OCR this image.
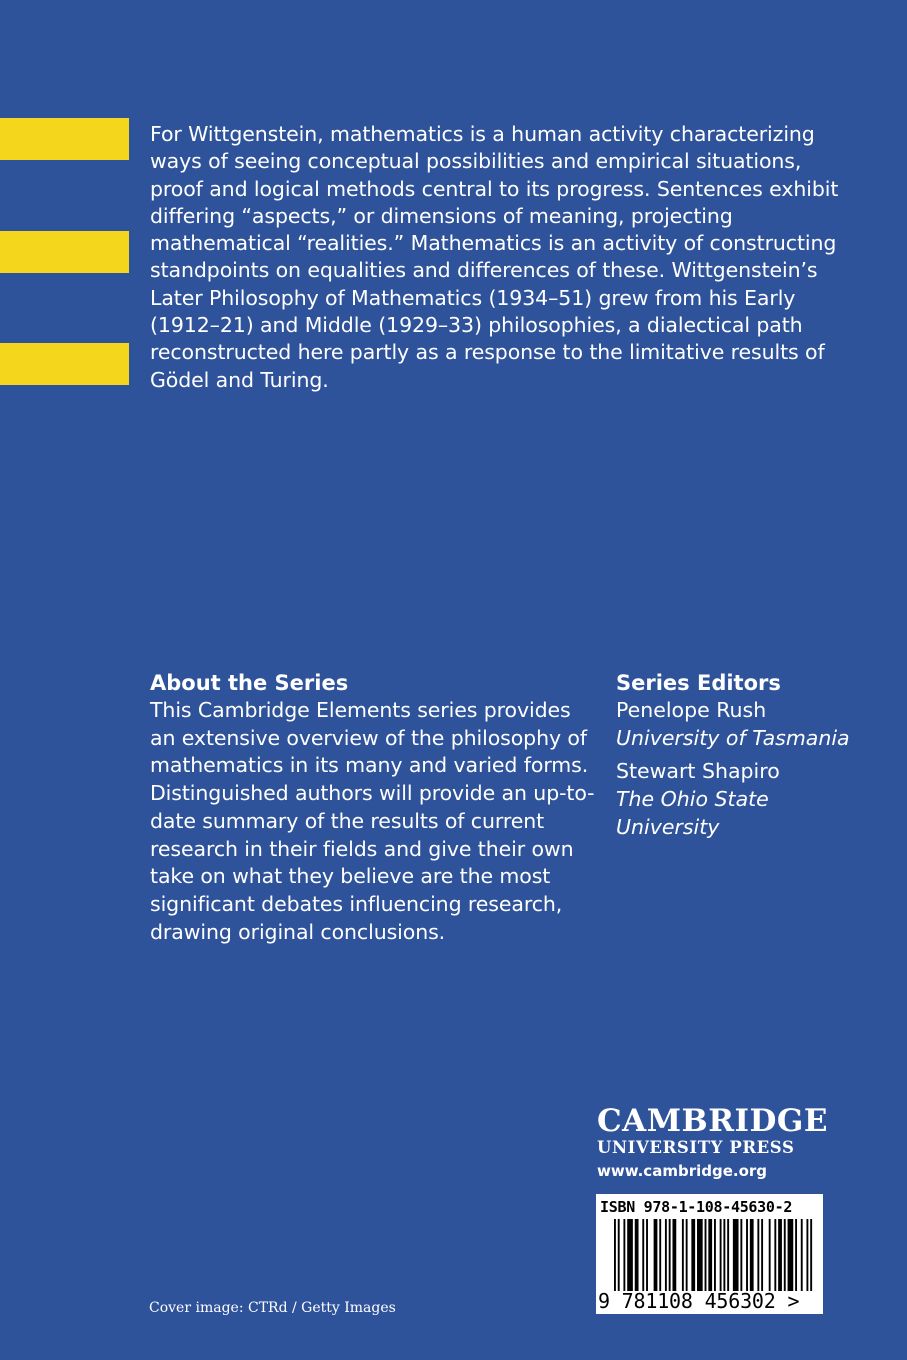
For Wittgenstein, mathematics is a human activity characterizing ways of seeing conceptual possibilities and empirical situations, proof and logical methods central to its progress. Sentences exhibit differing “aspects,” or dimensions of meaning, projecting mathematical “realities.” Mathematics is an activity of constructing standpoints on equalities and differences of these. Wittgenstein’s Later Philosophy of Mathematics (1934–51) grew from his Early (1912–21) and Middle (1929–33) philosophies, a dialectical path reconstructed here partly as a response to the limitative results of Gödel and Turing.
About the Series

This Cambridge Elements series provides an extensive overview of the philosophy of mathematics in its many and varied forms. Distinguished authors will provide an up-to-date summary of the results of current research in their fields and give their own take on what they believe are the most significant debates influencing research, drawing original conclusions.

Series Editors
Penelope Rush
University of Tasmania
Stewart Shapiro
The Ohio State University
CAMBRIDGE
UNIVERSITY PRESS
www.cambridge.org
ISBN 978-1-108-45630-2
9 781108 456302 >
Cover image: CTRd / Getty Images
